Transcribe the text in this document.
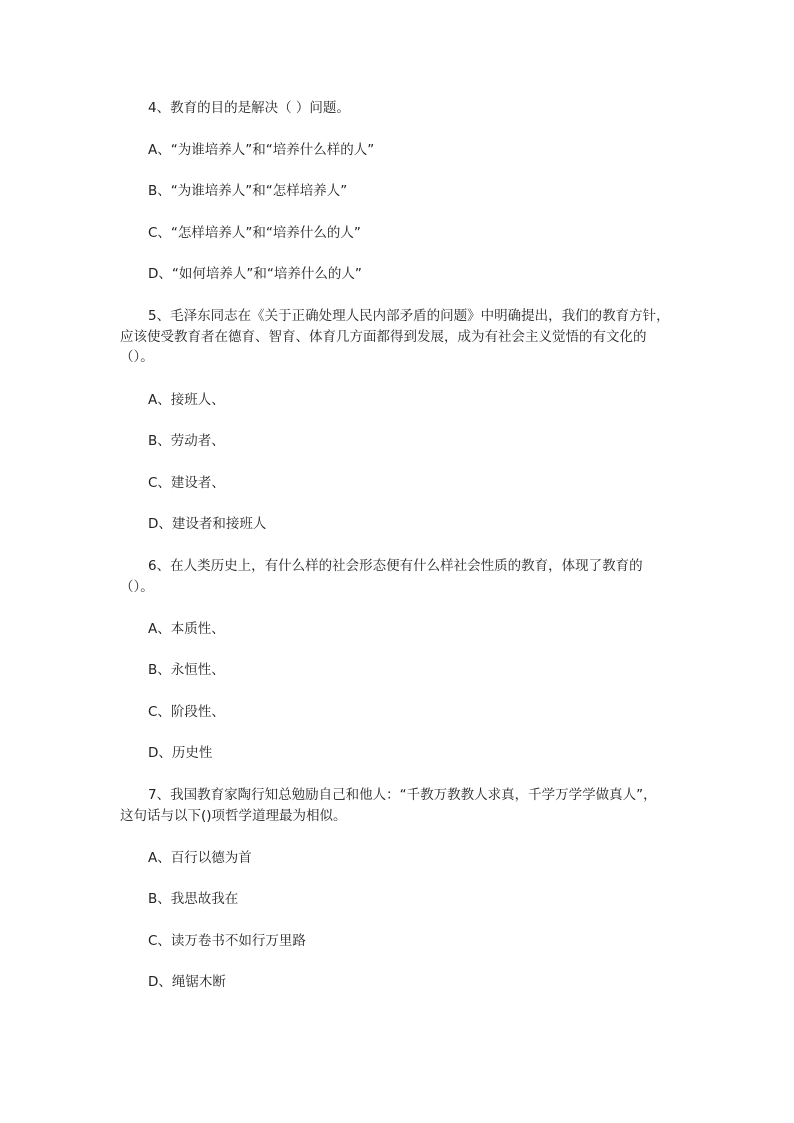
4、教育的目的是解决（ ）问题。
A、“为谁培养人”和“培养什么样的人”
B、“为谁培养人”和“怎样培养人”
C、“怎样培养人”和“培养什么的人”
D、“如何培养人”和“培养什么的人”
5、毛泽东同志在《关于正确处理人民内部矛盾的问题》中明确提出，我们的教育方针，
应该使受教育者在德育、智育、体育几方面都得到发展，成为有社会主义觉悟的有文化的
（）。
A、接班人、
B、劳动者、
C、建设者、
D、建设者和接班人
6、在人类历史上，有什么样的社会形态便有什么样社会性质的教育，体现了教育的
（）。
A、本质性、
B、永恒性、
C、阶段性、
D、历史性
7、我国教育家陶行知总勉励自己和他人：“千教万教教人求真，千学万学学做真人”，
这句话与以下()项哲学道理最为相似。
A、百行以德为首
B、我思故我在
C、读万卷书不如行万里路
D、绳锯木断
